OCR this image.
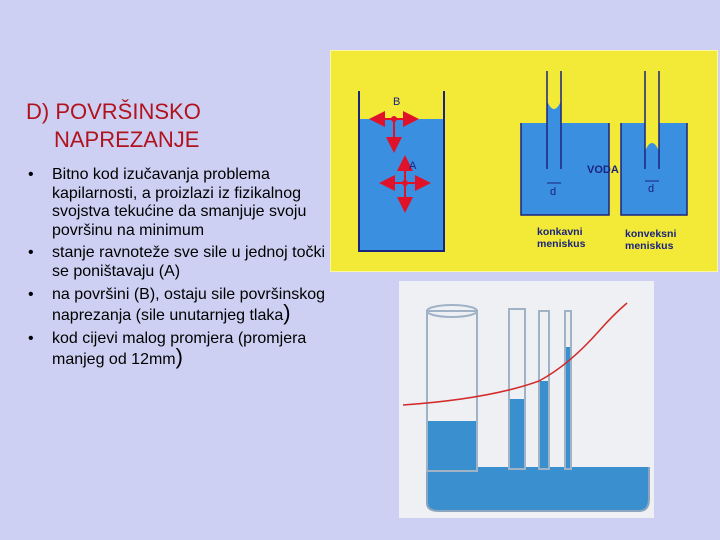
D) POVRŠINSKO
NAPREZANJE
• Bitno kod izučavanja problema kapilarnosti, a proizlazi iz fizikalnog svojstva tekućine da smanjuje svoju površinu na minimum
• stanje ravnoteže sve sile u jednoj točki se poništavaju (A)
• na površini (B), ostaju sile površinskog naprezanja (sile unutarnjeg tlaka)
• kod cijevi malog promjera (promjera manjeg od 12mm)
B
A
d	d
VODA
konkavni
meniskus
konveksni
meniskus
